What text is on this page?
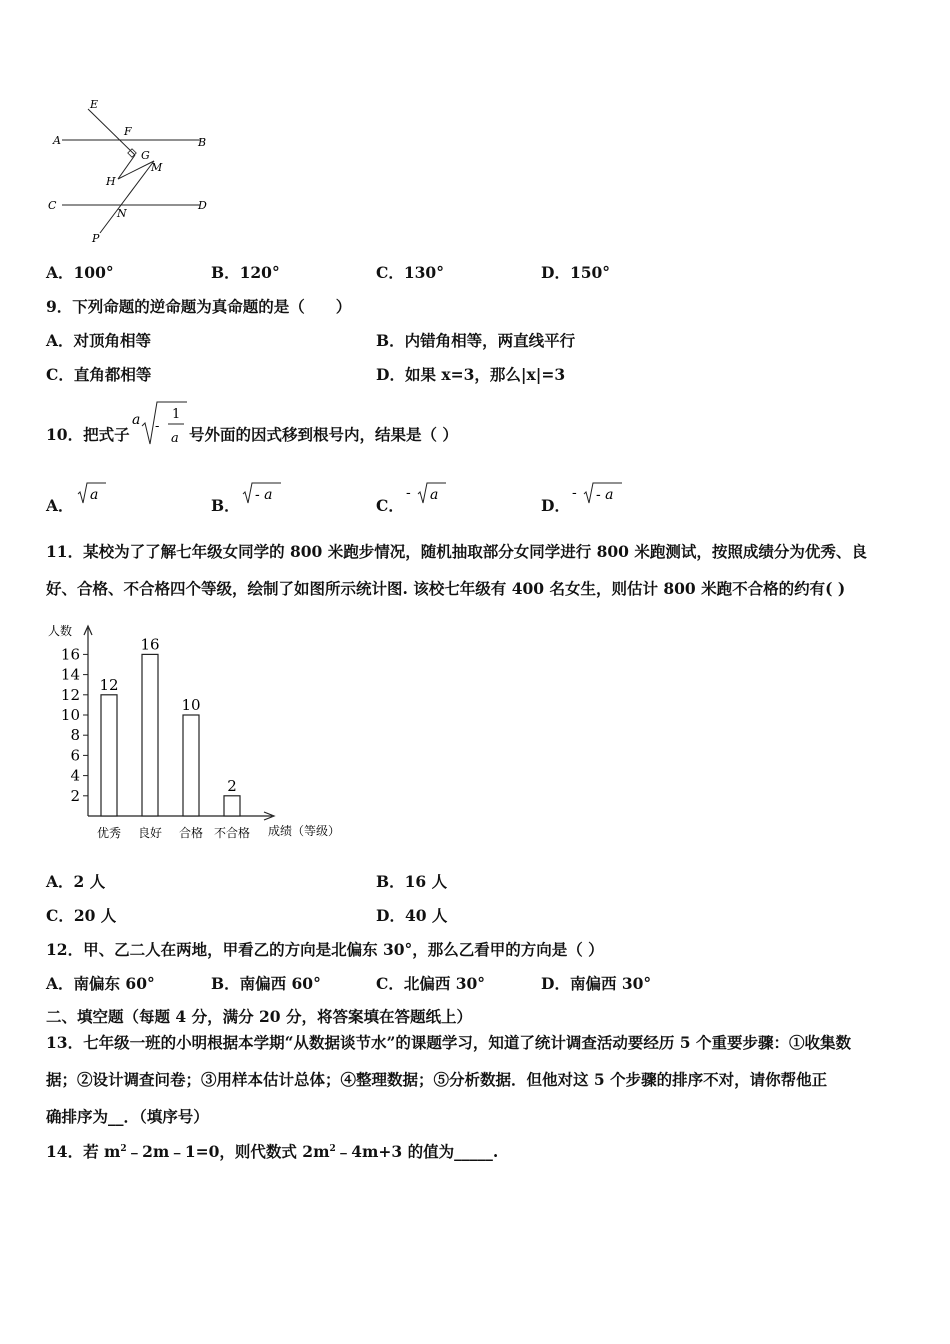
E
A
F
B
G
M
H
C
N
D
P
A．100°	B．120°	C．130°	D．150°
9．下列命题的逆命题为真命题的是（　　）
A．对顶角相等	B．内错角相等，两直线平行
C．直角都相等	D．如果 x=3，那么|x|=3
10．把式子
a -
1
a 号外面的因式移到根号内，结果是（ ）
A．
a
B．
- a
C．
- a
D．
- - a
11．某校为了了解七年级女同学的 800 米跑步情况，随机抽取部分女同学进行 800 米跑测试，按照成绩分为优秀、良
好、合格、不合格四个等级，绘制了如图所示统计图. 该校七年级有 400 名女生，则估计 800 米跑不合格的约有( )
人数
成绩（等级）
2
4
6
8
10
12
14
16
12
16
10
2
优秀 良好 合格 不合格
A．2 人	B．16 人
C．20 人	D．40 人
12．甲、乙二人在两地，甲看乙的方向是北偏东 30°，那么乙看甲的方向是（ ）
A．南偏东 60°	B．南偏西 60°	C．北偏西 30°	D．南偏西 30°
二、填空题（每题 4 分，满分 20 分，将答案填在答题纸上）
13．七年级一班的小明根据本学期“从数据谈节水”的课题学习，知道了统计调查活动要经历 5 个重要步骤：①收集数
据；②设计调查问卷；③用样本估计总体；④整理数据；⑤分析数据．但他对这 5 个步骤的排序不对，请你帮他正
确排序为__．（填序号）
14．若 $m^2﹣2m﹣1=0$，则代数式 $2m^2﹣4m+3$ 的值为_____.
